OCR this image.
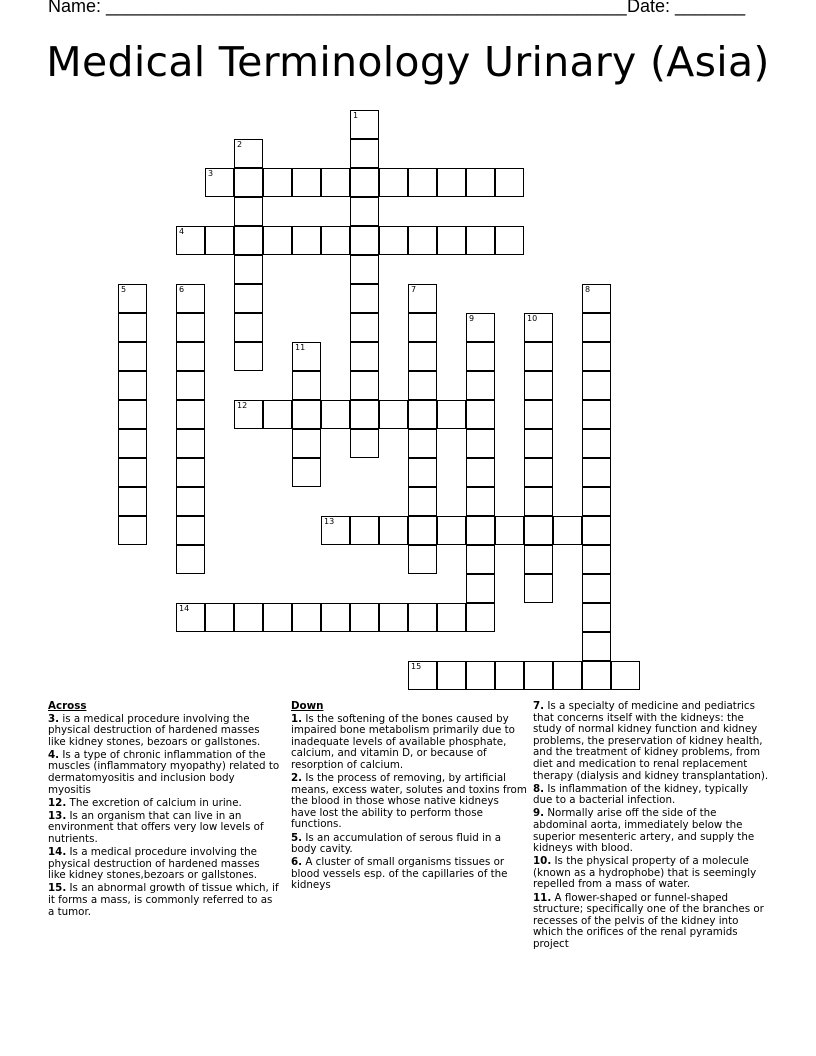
Name: ____________________________________________________ Date: _______
Medical Terminology Urinary (Asia)
1
2
3
4
5	6	7	8
9	10
11
12
13
14
15
Across
3. is a medical procedure involving the physical destruction of hardened masses like kidney stones, bezoars or gallstones.
4. Is a type of chronic inflammation of the muscles (inflammatory myopathy) related to dermatomyositis and inclusion body myositis
12. The excretion of calcium in urine.
13. Is an organism that can live in an environment that offers very low levels of nutrients.
14. Is a medical procedure involving the physical destruction of hardened masses like kidney stones,bezoars or gallstones.
15. Is an abnormal growth of tissue which, if it forms a mass, is commonly referred to as a tumor.
Down
1. Is the softening of the bones caused by impaired bone metabolism primarily due to inadequate levels of available phosphate, calcium, and vitamin D, or because of resorption of calcium.
2. Is the process of removing, by artificial means, excess water, solutes and toxins from the blood in those whose native kidneys have lost the ability to perform those functions.
5. Is an accumulation of serous fluid in a body cavity.
6. A cluster of small organisms tissues or blood vessels esp. of the capillaries of the kidneys
7. Is a specialty of medicine and pediatrics that concerns itself with the kidneys: the study of normal kidney function and kidney problems, the preservation of kidney health, and the treatment of kidney problems, from diet and medication to renal replacement therapy (dialysis and kidney transplantation).
8. Is inflammation of the kidney, typically due to a bacterial infection.
9. Normally arise off the side of the abdominal aorta, immediately below the superior mesenteric artery, and supply the kidneys with blood.
10. Is the physical property of a molecule (known as a hydrophobe) that is seemingly repelled from a mass of water.
11. A flower-shaped or funnel-shaped structure; specifically one of the branches or recesses of the pelvis of the kidney into which the orifices of the renal pyramids project
